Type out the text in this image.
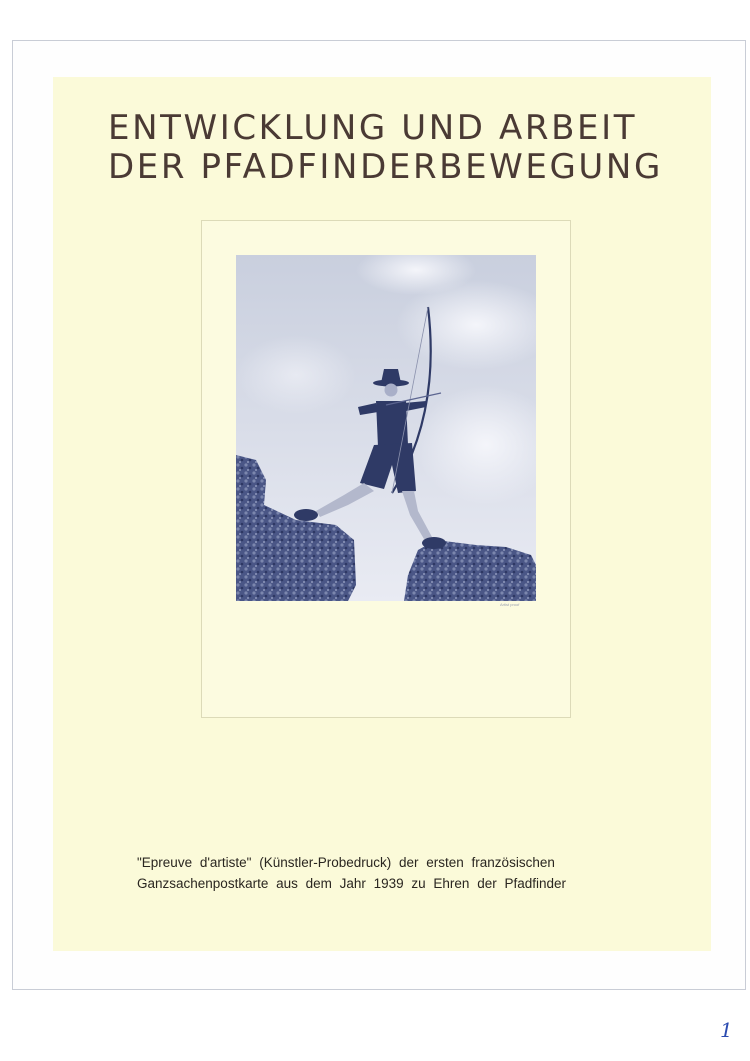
ENTWICKLUNG UND ARBEIT
DER PFADFINDERBEWEGUNG
Artist proof

"Epreuve d'artiste" (Künstler-Probedruck) der ersten französischen
Ganzsachenpostkarte aus dem Jahr 1939 zu Ehren der Pfadfinder

1
